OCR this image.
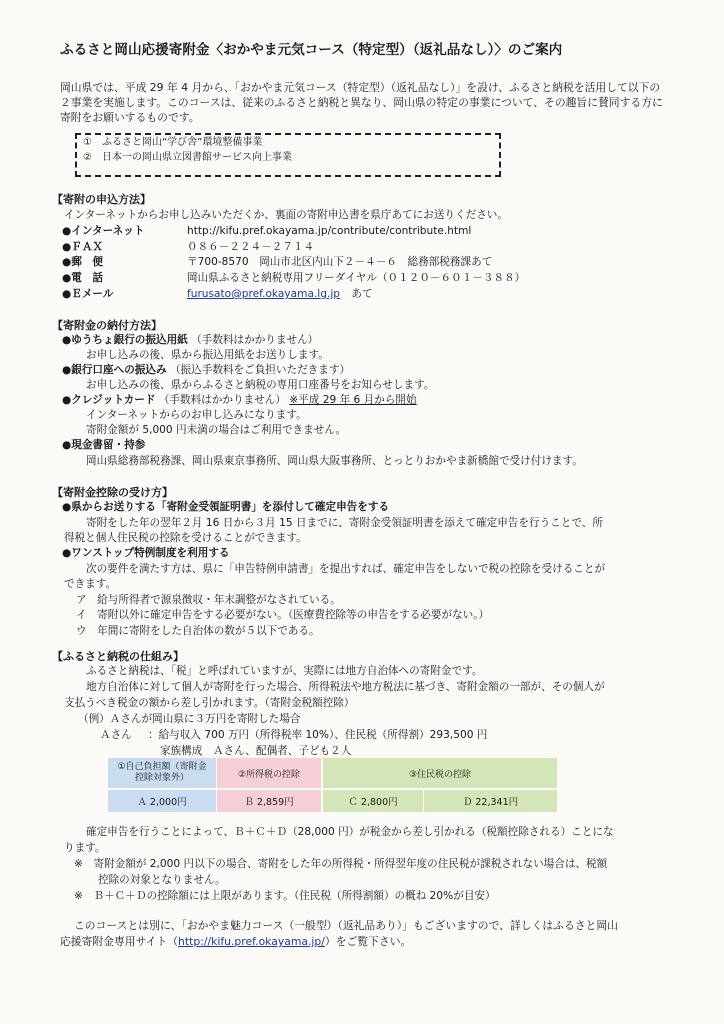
ふるさと岡山応援寄附金〈おかやま元気コース（特定型）（返礼品なし）〉のご案内
岡山県では、平成 29 年 4 月から、「おかやま元気コース（特定型）（返礼品なし）」を設け、ふるさと納税を活用して以下の２事業を実施します。このコースは、従来のふるさと納税と異なり、岡山県の特定の事業について、その趣旨に賛同する方に寄附をお願いするものです。
①　ふるさと岡山“学び舎”環境整備事業
②　日本一の岡山県立図書館サービス向上事業
【寄附の申込方法】
インターネットからお申し込みいただくか、裏面の寄附申込書を県庁あてにお送りください。
●インターネット	http://kifu.pref.okayama.jp/contribute/contribute.html
●ＦＡＸ	０８６－２２４－２７１４
●郵　便	〒700-8570　岡山市北区内山下２－４－６　総務部税務課あて
●電　話	岡山県ふるさと納税専用フリーダイヤル（０１２０－６０１－３８８）
●Ｅメール	furusato@pref.okayama.lg.jp あて
【寄附金の納付方法】
●ゆうちょ銀行の振込用紙 （手数料はかかりません）
お申し込みの後、県から振込用紙をお送りします。
●銀行口座への振込み （振込手数料をご負担いただきます）
お申し込みの後、県からふるさと納税の専用口座番号をお知らせします。
●クレジットカード （手数料はかかりません） ※平成 29 年 6 月から開始
インターネットからのお申し込みになります。
寄附金額が 5,000 円未満の場合はご利用できません。
●現金書留・持参
岡山県総務部税務課、岡山県東京事務所、岡山県大阪事務所、とっとりおかやま新橋館で受け付けます。
【寄附金控除の受け方】
●県からお送りする「寄附金受領証明書」を添付して確定申告をする
寄附をした年の翌年２月 16 日から３月 15 日までに、寄附金受領証明書を添えて確定申告を行うことで、所
得税と個人住民税の控除を受けることができます。
●ワンストップ特例制度を利用する
次の要件を満たす方は、県に「申告特例申請書」を提出すれば、確定申告をしないで税の控除を受けることが
できます。
ア　給与所得者で源泉徴収・年末調整がなされている。
イ　寄附以外に確定申告をする必要がない。（医療費控除等の申告をする必要がない。）
ウ　年間に寄附をした自治体の数が５以下である。
【ふるさと納税の仕組み】
ふるさと納税は、「税」と呼ばれていますが、実際には地方自治体への寄附金です。
地方自治体に対して個人が寄附を行った場合、所得税法や地方税法に基づき、寄附金額の一部が、その個人が
支払うべき税金の額から差し引かれます。（寄附金税額控除）
（例）Ａさんが岡山県に３万円を寄附した場合
Ａさん ：給与収入 700 万円（所得税率 10%）、住民税（所得割）293,500 円
家族構成　Ａさん、配偶者、子ども２人
①自己負担額（寄附金控除対象外）	②所得税の控除	③住民税の控除
Ａ 2,000円	Ｂ 2,859円	Ｃ 2,800円	Ｄ 22,341円
確定申告を行うことによって、Ｂ＋Ｃ＋Ｄ（28,000 円）が税金から差し引かれる（税額控除される）ことにな
ります。
※　寄附金額が 2,000 円以下の場合、寄附をした年の所得税・所得翌年度の住民税が課税されない場合は、税額
控除の対象となりません。
※　Ｂ＋Ｃ＋Ｄの控除額には上限があります。（住民税（所得割額）の概ね 20%が目安）
このコースとは別に、「おかやま魅力コース（一般型）（返礼品あり）」もございますので、詳しくはふるさと岡山
応援寄附金専用サイト（http://kifu.pref.okayama.jp/）をご覧下さい。
